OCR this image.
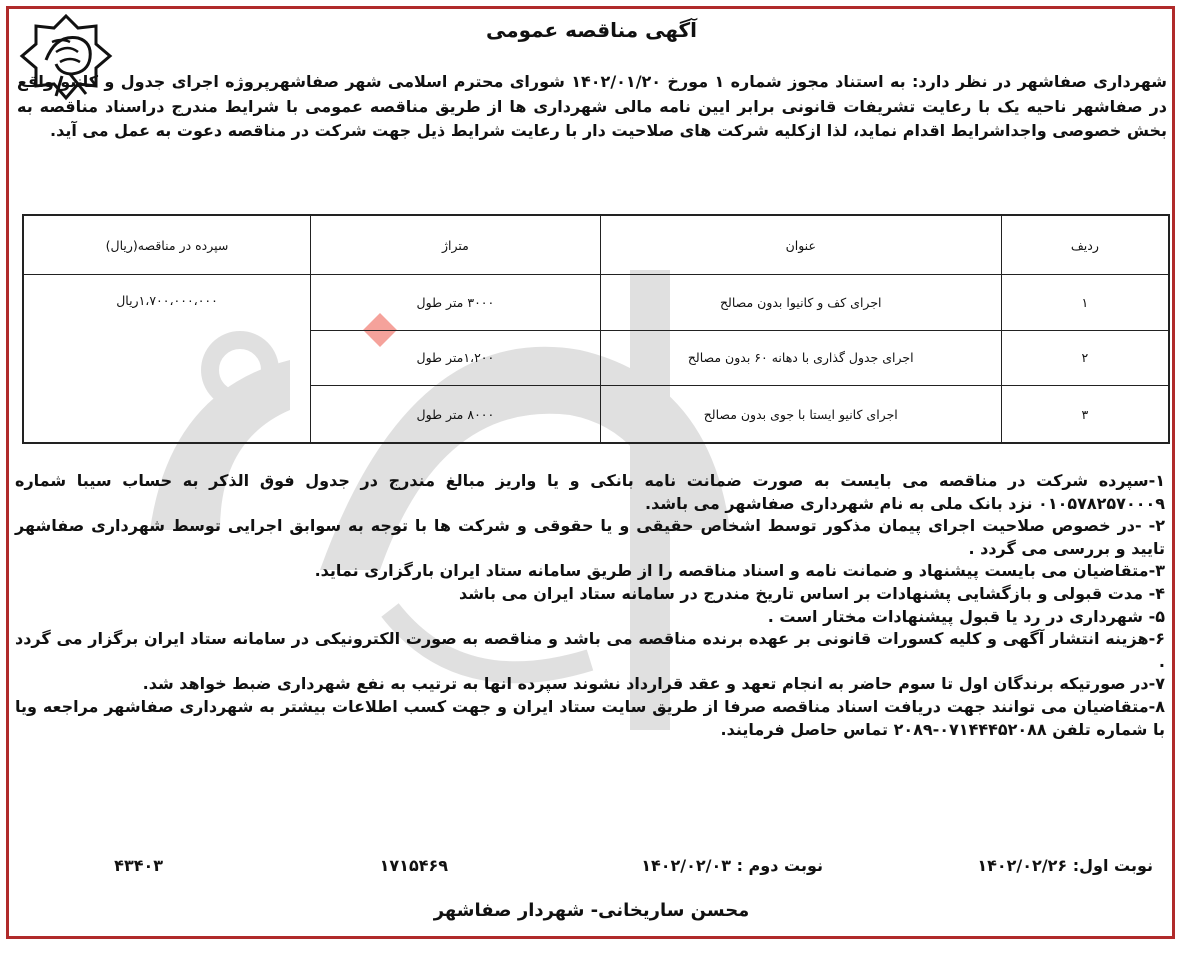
آگهی مناقصه عمومی
شهرداری صفاشهر در نظر دارد: به استناد مجوز شماره ۱ مورخ ۱۴۰۲/۰۱/۲۰ شورای محترم اسلامی شهر صفاشهرپروژه اجرای جدول و کانیو واقع در صفاشهر ناحیه یک با رعایت تشریفات قانونی برابر ایین نامه مالی شهرداری ها از طریق مناقصه عمومی با شرایط مندرج دراسناد مناقصه به بخش خصوصی واجداشرایط اقدام نماید، لذا ازکلیه شرکت های صلاحیت دار با رعایت شرایط ذیل جهت شرکت در مناقصه دعوت به عمل می آید.
ردیف	عنوان	متراژ	سپرده در مناقصه(ریال)
۱	اجرای کف و کانیوا بدون مصالح	۳۰۰۰ متر طول	۱،۷۰۰،۰۰۰،۰۰۰ریال
۲	اجرای جدول گذاری با دهانه ۶۰ بدون مصالح	۱،۲۰۰متر طول	
۳	اجرای کانیو ایستا با جوی بدون مصالح	۸۰۰۰ متر طول	

۱-سپرده شرکت در مناقصه می بایست به صورت ضمانت نامه بانکی و یا واریز مبالغ مندرج در جدول فوق الذکر به حساب سیبا شماره ۰۱۰۵۷۸۲۵۷۰۰۰۹ نزد بانک ملی به نام شهرداری صفاشهر می باشد.

۲- -در خصوص صلاحیت اجرای پیمان مذکور توسط اشخاص حقیقی و یا حقوقی و شرکت ها با توجه به سوابق اجرایی توسط شهرداری صفاشهر تایید و بررسی می گردد .

۳-متقاضیان می بایست پیشنهاد و ضمانت نامه و اسناد مناقصه را از طریق سامانه ستاد ایران بارگزاری نماید.

۴- مدت قبولی و بازگشایی پشنهادات بر اساس تاریخ مندرج در سامانه ستاد ایران می باشد

۵- شهرداری در رد یا قبول پیشنهادات مختار است .

۶-هزینه انتشار آگهی و کلیه کسورات قانونی بر عهده برنده مناقصه می باشد و مناقصه به صورت الکترونیکی در سامانه ستاد ایران برگزار می گردد .

۷-در صورتیکه برندگان اول تا سوم حاضر به انجام تعهد و عقد قرارداد نشوند سپرده انها به ترتیب به نفع شهرداری ضبط خواهد شد.

۸-متقاضیان می توانند جهت دریافت اسناد مناقصه صرفا از طریق سایت ستاد ایران و جهت کسب اطلاعات بیشتر به شهرداری صفاشهر مراجعه ویا با شماره تلفن ۰۷۱۴۴۴۵۲۰۸۸-۲۰۸۹ تماس حاصل فرمایند.

نوبت اول: ۱۴۰۲/۰۲/۲۶
نوبت دوم : ۱۴۰۲/۰۲/۰۳
۱۷۱۵۴۶۹
۴۳۴۰۳
محسن ساریخانی- شهردار صفاشهر
